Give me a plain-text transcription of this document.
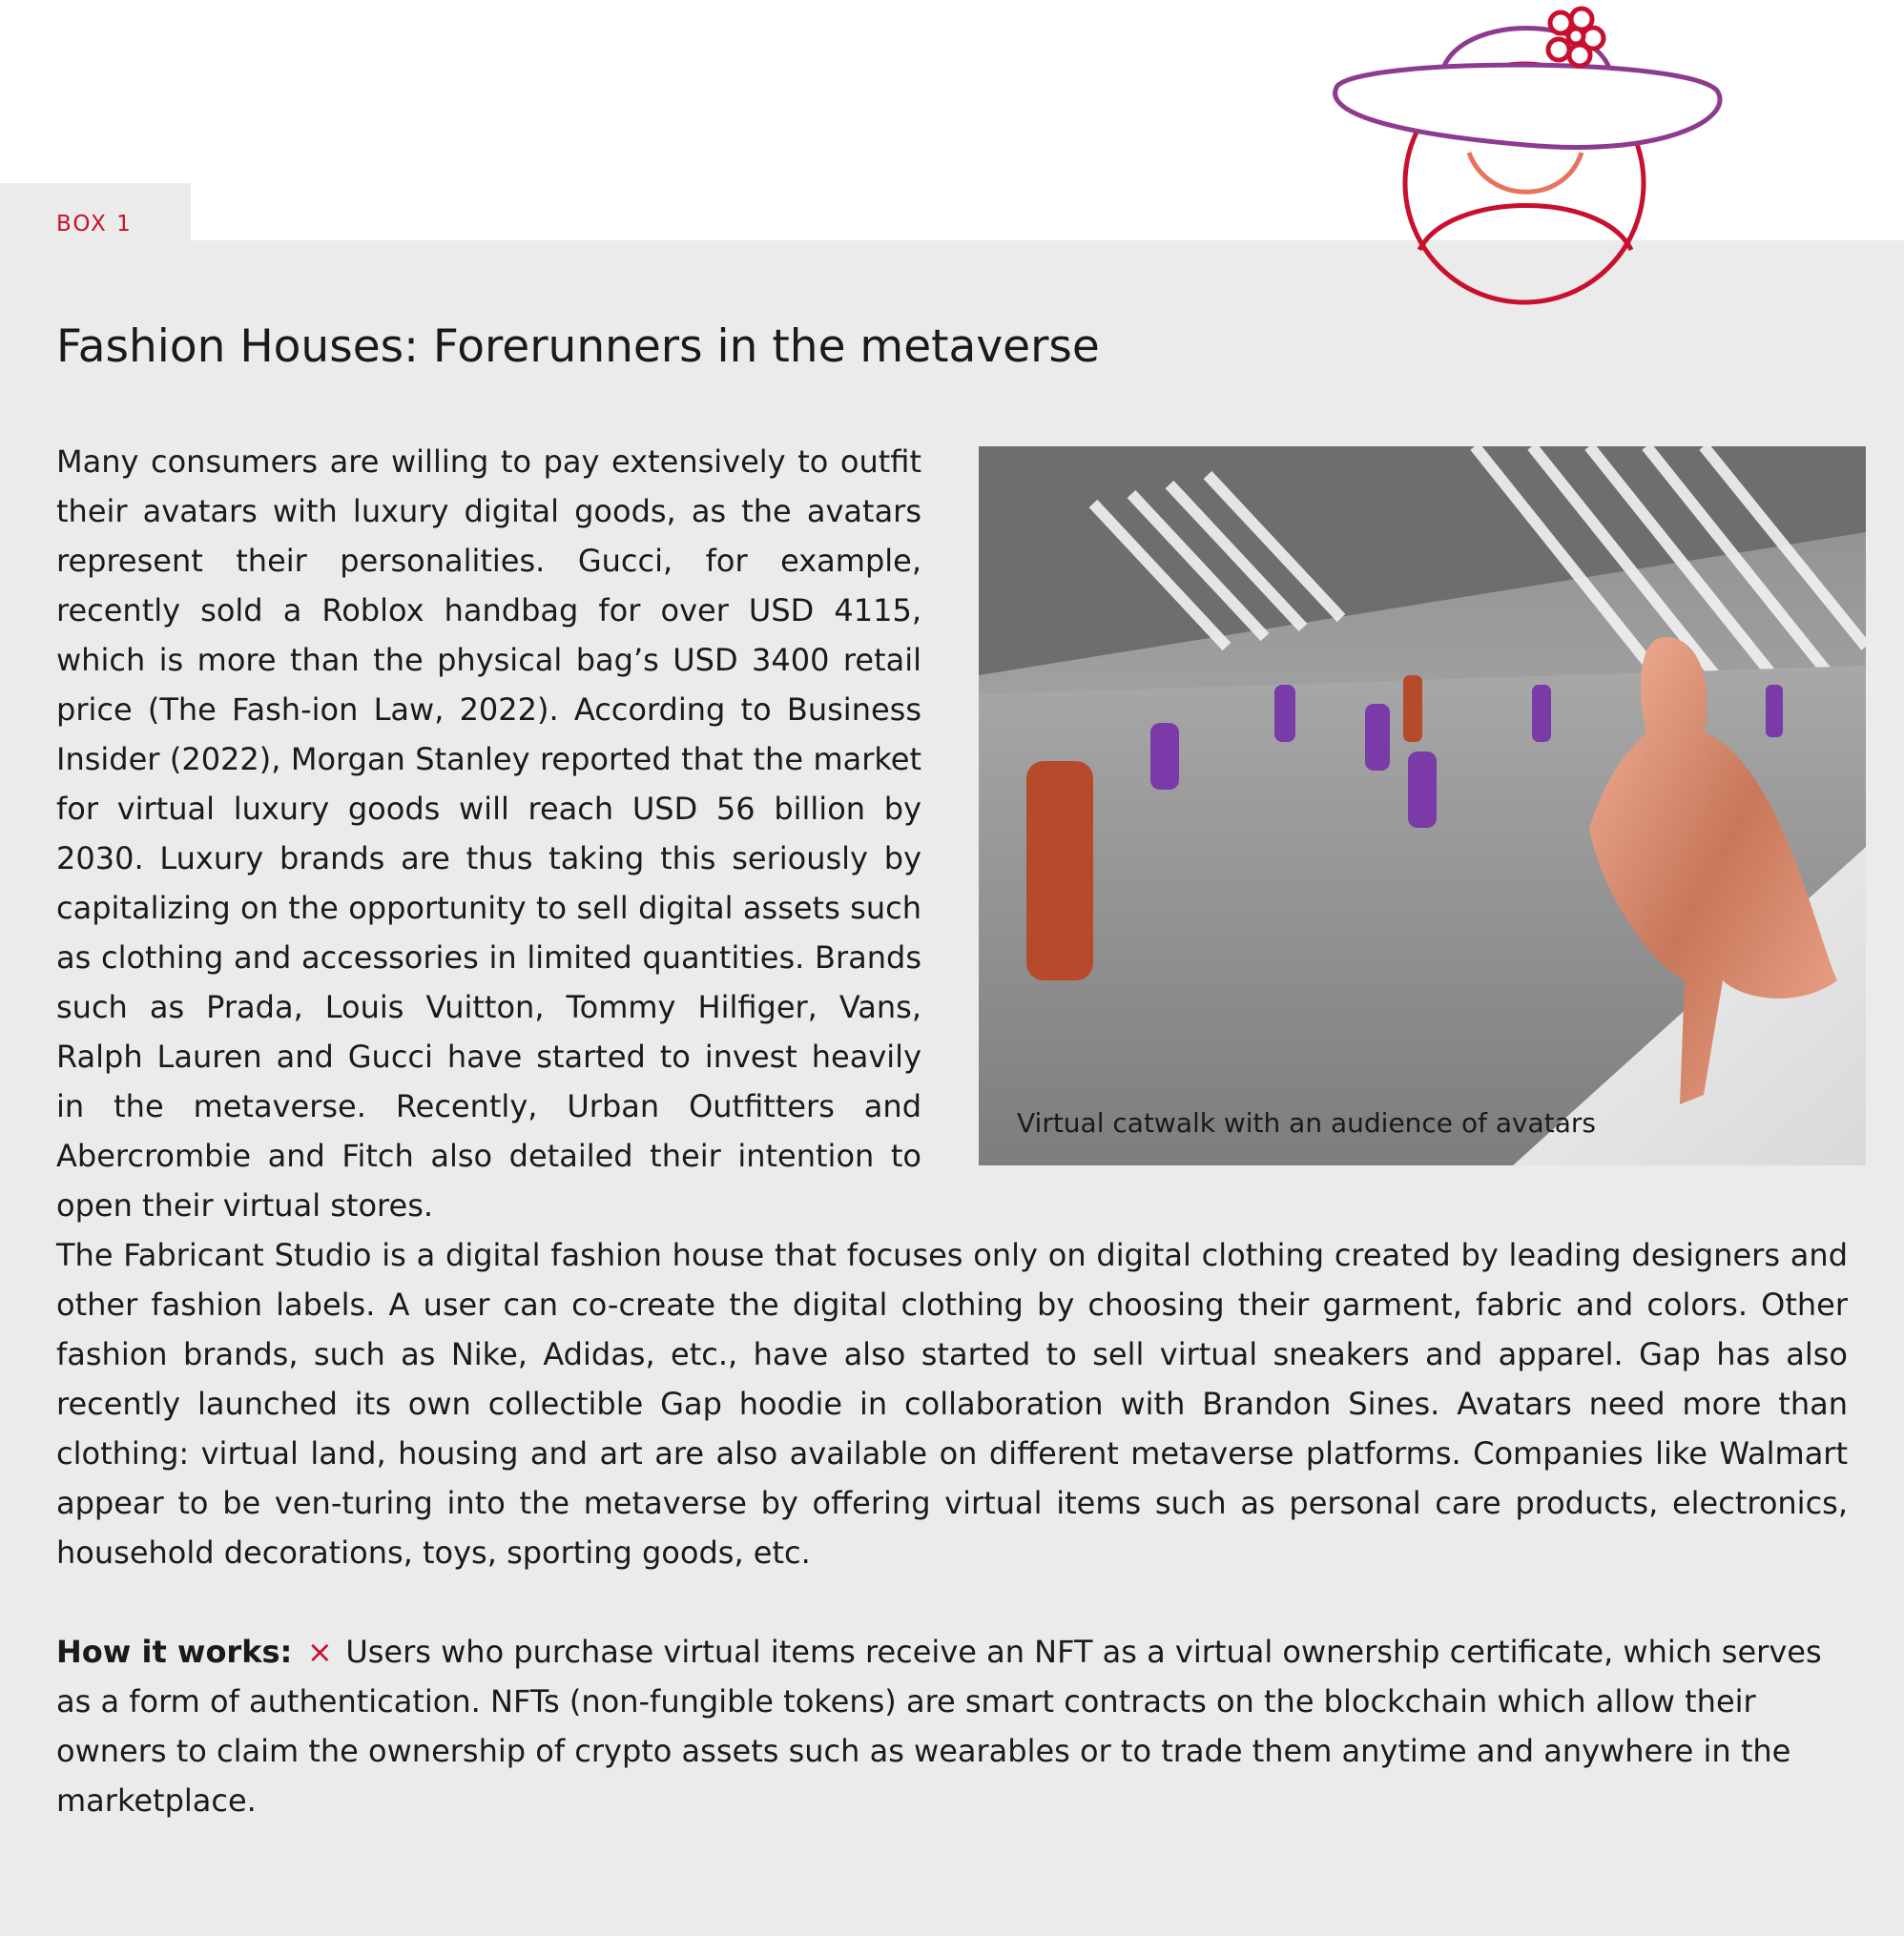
BOX 1
Fashion Houses: Forerunners in the metaverse

Many consumers are willing to pay extensively to outfit their avatars with luxury digital goods, as the avatars represent their personalities. Gucci, for example, recently sold a Roblox handbag for over USD 4115, which is more than the physical bag’s USD 3400 retail price (The Fash-ion Law, 2022). According to Business Insider (2022), Morgan Stanley reported that the market for virtual luxury goods will reach USD 56 billion by 2030. Luxury brands are thus taking this seriously by capitalizing on the opportunity to sell digital assets such as clothing and accessories in limited quantities. Brands such as Prada, Louis Vuitton, Tommy Hilfiger, Vans, Ralph Lauren and Gucci have started to invest heavily in the metaverse. Recently, Urban Outfitters and Abercrombie and Fitch also detailed their intention to open their virtual stores.

Virtual catwalk with an audience of avatars

The Fabricant Studio is a digital fashion house that focuses only on digital clothing created by leading designers and other fashion labels. A user can co-create the digital clothing by choosing their garment, fabric and colors. Other fashion brands, such as Nike, Adidas, etc., have also started to sell virtual sneakers and apparel. Gap has also recently launched its own collectible Gap hoodie in collaboration with Brandon Sines. Avatars need more than clothing: virtual land, housing and art are also available on different metaverse platforms. Companies like Walmart appear to be ven-turing into the metaverse by offering virtual items such as personal care products, electronics, household decorations, toys, sporting goods, etc.

How it works: × Users who purchase virtual items receive an NFT as a virtual ownership certificate, which serves as a form of authentication. NFTs (non-fungible tokens) are smart contracts on the blockchain which allow their owners to claim the ownership of crypto assets such as wearables or to trade them anytime and anywhere in the marketplace.
